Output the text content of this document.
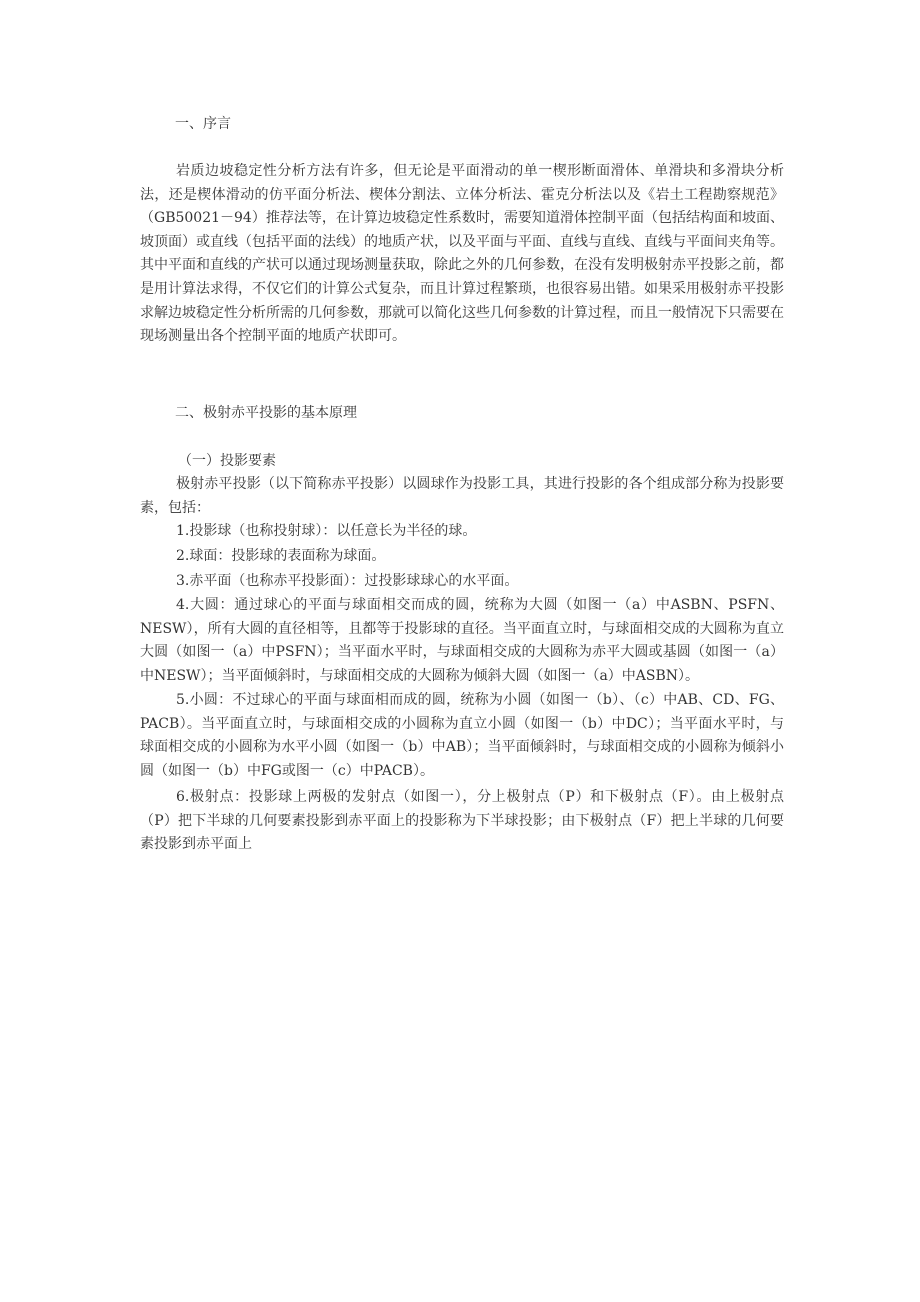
一、序言

岩质边坡稳定性分析方法有许多，但无论是平面滑动的单一楔形断面滑体、单滑块和多滑块分析法，还是楔体滑动的仿平面分析法、楔体分割法、立体分析法、霍克分析法以及《岩土工程勘察规范》（GB50021－94）推荐法等，在计算边坡稳定性系数时，需要知道滑体控制平面（包括结构面和坡面、坡顶面）或直线（包括平面的法线）的地质产状，以及平面与平面、直线与直线、直线与平面间夹角等。其中平面和直线的产状可以通过现场测量获取，除此之外的几何参数，在没有发明极射赤平投影之前，都是用计算法求得，不仅它们的计算公式复杂，而且计算过程繁琐，也很容易出错。如果采用极射赤平投影求解边坡稳定性分析所需的几何参数，那就可以简化这些几何参数的计算过程，而且一般情况下只需要在现场测量出各个控制平面的地质产状即可。

二、极射赤平投影的基本原理

（一）投影要素

极射赤平投影（以下简称赤平投影）以圆球作为投影工具，其进行投影的各个组成部分称为投影要素，包括：

1.投影球（也称投射球）：以任意长为半径的球。

2.球面：投影球的表面称为球面。

3.赤平面（也称赤平投影面）：过投影球球心的水平面。

4.大圆：通过球心的平面与球面相交而成的圆，统称为大圆（如图一（a）中ASBN、PSFN、NESW），所有大圆的直径相等，且都等于投影球的直径。当平面直立时，与球面相交成的大圆称为直立大圆（如图一（a）中PSFN）；当平面水平时，与球面相交成的大圆称为赤平大圆或基圆（如图一（a）中NESW）；当平面倾斜时，与球面相交成的大圆称为倾斜大圆（如图一（a）中ASBN）。

5.小圆：不过球心的平面与球面相而成的圆，统称为小圆（如图一（b）、（c）中AB、CD、FG、PACB）。当平面直立时，与球面相交成的小圆称为直立小圆（如图一（b）中DC）；当平面水平时，与球面相交成的小圆称为水平小圆（如图一（b）中AB）；当平面倾斜时，与球面相交成的小圆称为倾斜小圆（如图一（b）中FG或图一（c）中PACB）。

6.极射点：投影球上两极的发射点（如图一），分上极射点（P）和下极射点（F）。由上极射点（P）把下半球的几何要素投影到赤平面上的投影称为下半球投影；由下极射点（F）把上半球的几何要素投影到赤平面上
